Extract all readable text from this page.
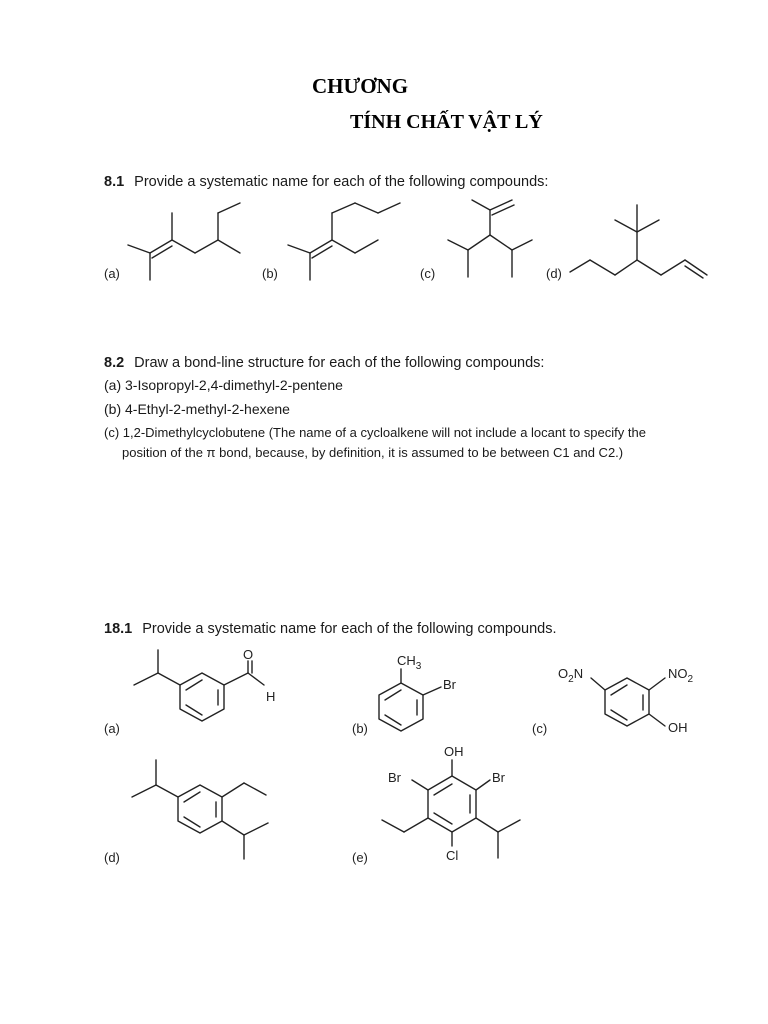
CHƯƠNG
TÍNH CHẤT VẬT LÝ
8.1 Provide a systematic name for each of the following compounds:
(a)	(b)	(c)	(d)
8.2 Draw a bond-line structure for each of the following compounds:
(a) 3-Isopropyl-2,4-dimethyl-2-pentene
(b) 4-Ethyl-2-methyl-2-hexene
(c) 1,2-Dimethylcyclobutene (The name of a cycloalkene will not include a locant to specify the
position of the π bond, because, by definition, it is assumed to be between C1 and C2.)
18.1 Provide a systematic name for each of the following compounds.
O
H
(a)
$CH_3$
Br
(b)
$O_2N$	$NO_2$
OH
(c)
(d)
OH
Br	Br
Cl
(e)
